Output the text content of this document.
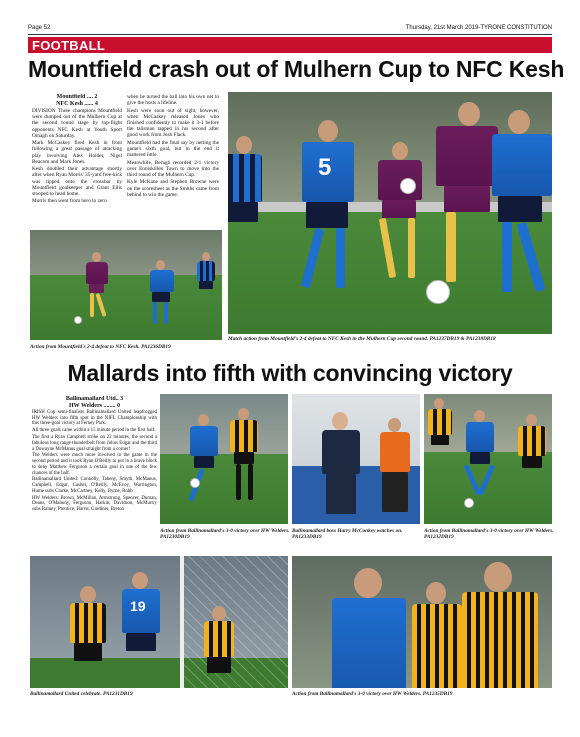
Page 52	Thursday, 21st March 2019-TYRONE CONSTITUTION
FOOTBALL
Mountfield crash out of Mulhern Cup to NFC Kesh
Mountfield .... 2
NFC Kesh ...... 4

DIVISION Three champions Mountfield were dumped out of the Mulhern Cup at the second round stage by top-flight opponents NFC Kesh at Youth Sport Omagh on Saturday.

Mark McCaskey fired Kesh in front following a great passage of attacking play involving Alex Holder, Nigel Beacom and Mark Jones.

Kesh doubled their advantage shortly after when Ryan Morris' 35-yard free-kick was tipped onto the crossbar by Mountfield goalkeeper and Grant Ellis stooped to head home.

Morris then went from hero to zero

when he turned the ball into his own net to give the hosts a lifeline.

Kesh were soon out of sight, however, when McCaskey released Jones who finished confidently to make it 3-1 before the talisman tapped in his second after good work from Josh Flack.

Mountfield had the final say by netting the game's sixth goal, but in the end it mattered little.

Meanwhile, Beragh recorded 2-1 victory over Enniskillen Town to move into the third round of the Mulhern Cup.

Kyle McKane and Stephen Browne were on the scoresheet as the Smiths came from behind to win the game.

Action from Mountfield's 2-4 defeat to NFC Kesh. PA1236DB19
5
Match action from Mountfield's 2-4 defeat to NFC Kesh in the Mulhern Cup second round. PA1237DB19 & PA1238DB18
Mallards into fifth with convincing victory
Ballinamallard Utd.. 3
HW Welders ........ 0

IRISH Cup semi-finalists Ballinamallard United leapfrogged HW Welders into fifth spot in the NIFL Championship with this three-goal victory at Ferney Park.

All three goals came within a 15 minute period in the first half.

The first a Ryan Campbell strike on 22 minutes, the second a fabulous long range thunderbolt from Johns Edgar and the third a Dowayne McManus goal straight from a corner!

The Welders were much more involved in the game in the second period and it took Ryan O'Reilly to put in a brave block to deny Matthew Ferguson a certain goal in one of the few chances of the half.

Ballinamallard United: Connolly, Taheny, Smyth, McManus, Campbell, Edgar, Cashel, O'Reilly, McEvoy, Warrington, Hume subs Clarke, McCartney, Kelly, Byrne, Robb

HW Welders: Brown, McMillan, Armstrong, Spencer, Doman, Deans, O'Mahony, Ferguson, Harkin, Davidson, McMurtry subs Rainey, Prentice, Harris, Gardiner, Breton

Action from Ballinamallard's 3-0 victory over HW Welders. PA1230DB19
Ballinamallard boss Harry McConkey watches on. PA1233DB19
Action from Ballinamallard's 3-0 victory over HW Welders. PA1232DB19
19
Ballinamallard United celebrate. PA1231DB19	Action from Ballinamallard's 3-0 victory over HW Welders. PA1235DB19
